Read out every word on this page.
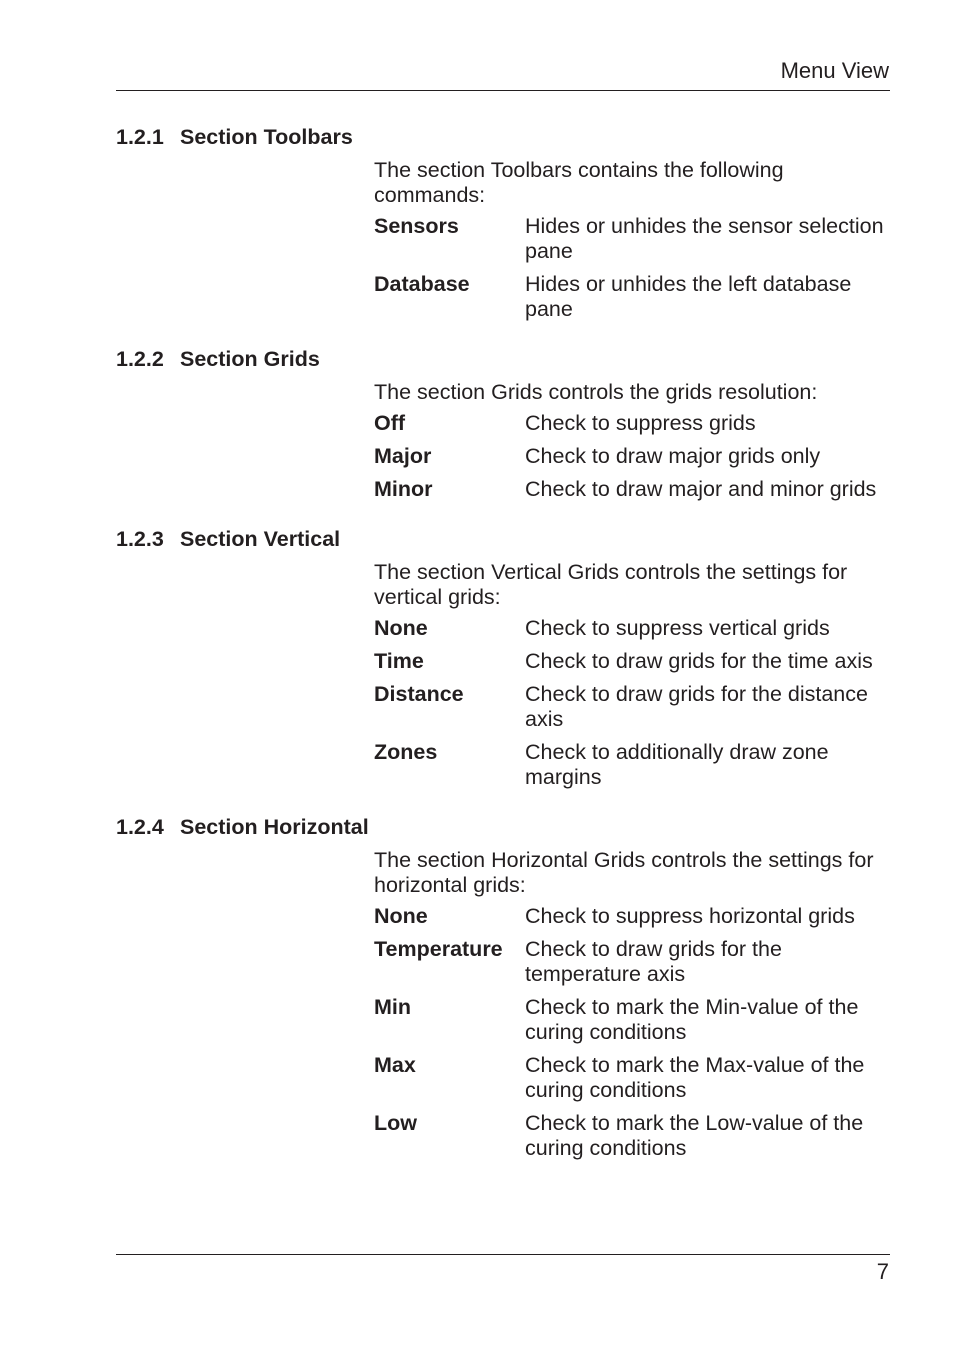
Menu View
1.2.1 Section Toolbars
The section Toolbars contains the following commands:
Sensors	Hides or unhides the sensor selection pane
Database	Hides or unhides the left database pane
1.2.2 Section Grids
The section Grids controls the grids resolution:
Off	Check to suppress grids
Major	Check to draw major grids only
Minor	Check to draw major and minor grids
1.2.3 Section Vertical
The section Vertical Grids controls the settings for vertical grids:
None	Check to suppress vertical grids
Time	Check to draw grids for the time axis
Distance	Check to draw grids for the distance axis
Zones	Check to additionally draw zone margins
1.2.4 Section Horizontal
The section Horizontal Grids controls the settings for horizontal grids:
None	Check to suppress horizontal grids
Temperature	Check to draw grids for the temperature axis
Min	Check to mark the Min-value of the curing conditions
Max	Check to mark the Max-value of the curing conditions
Low	Check to mark the Low-value of the curing conditions
7
